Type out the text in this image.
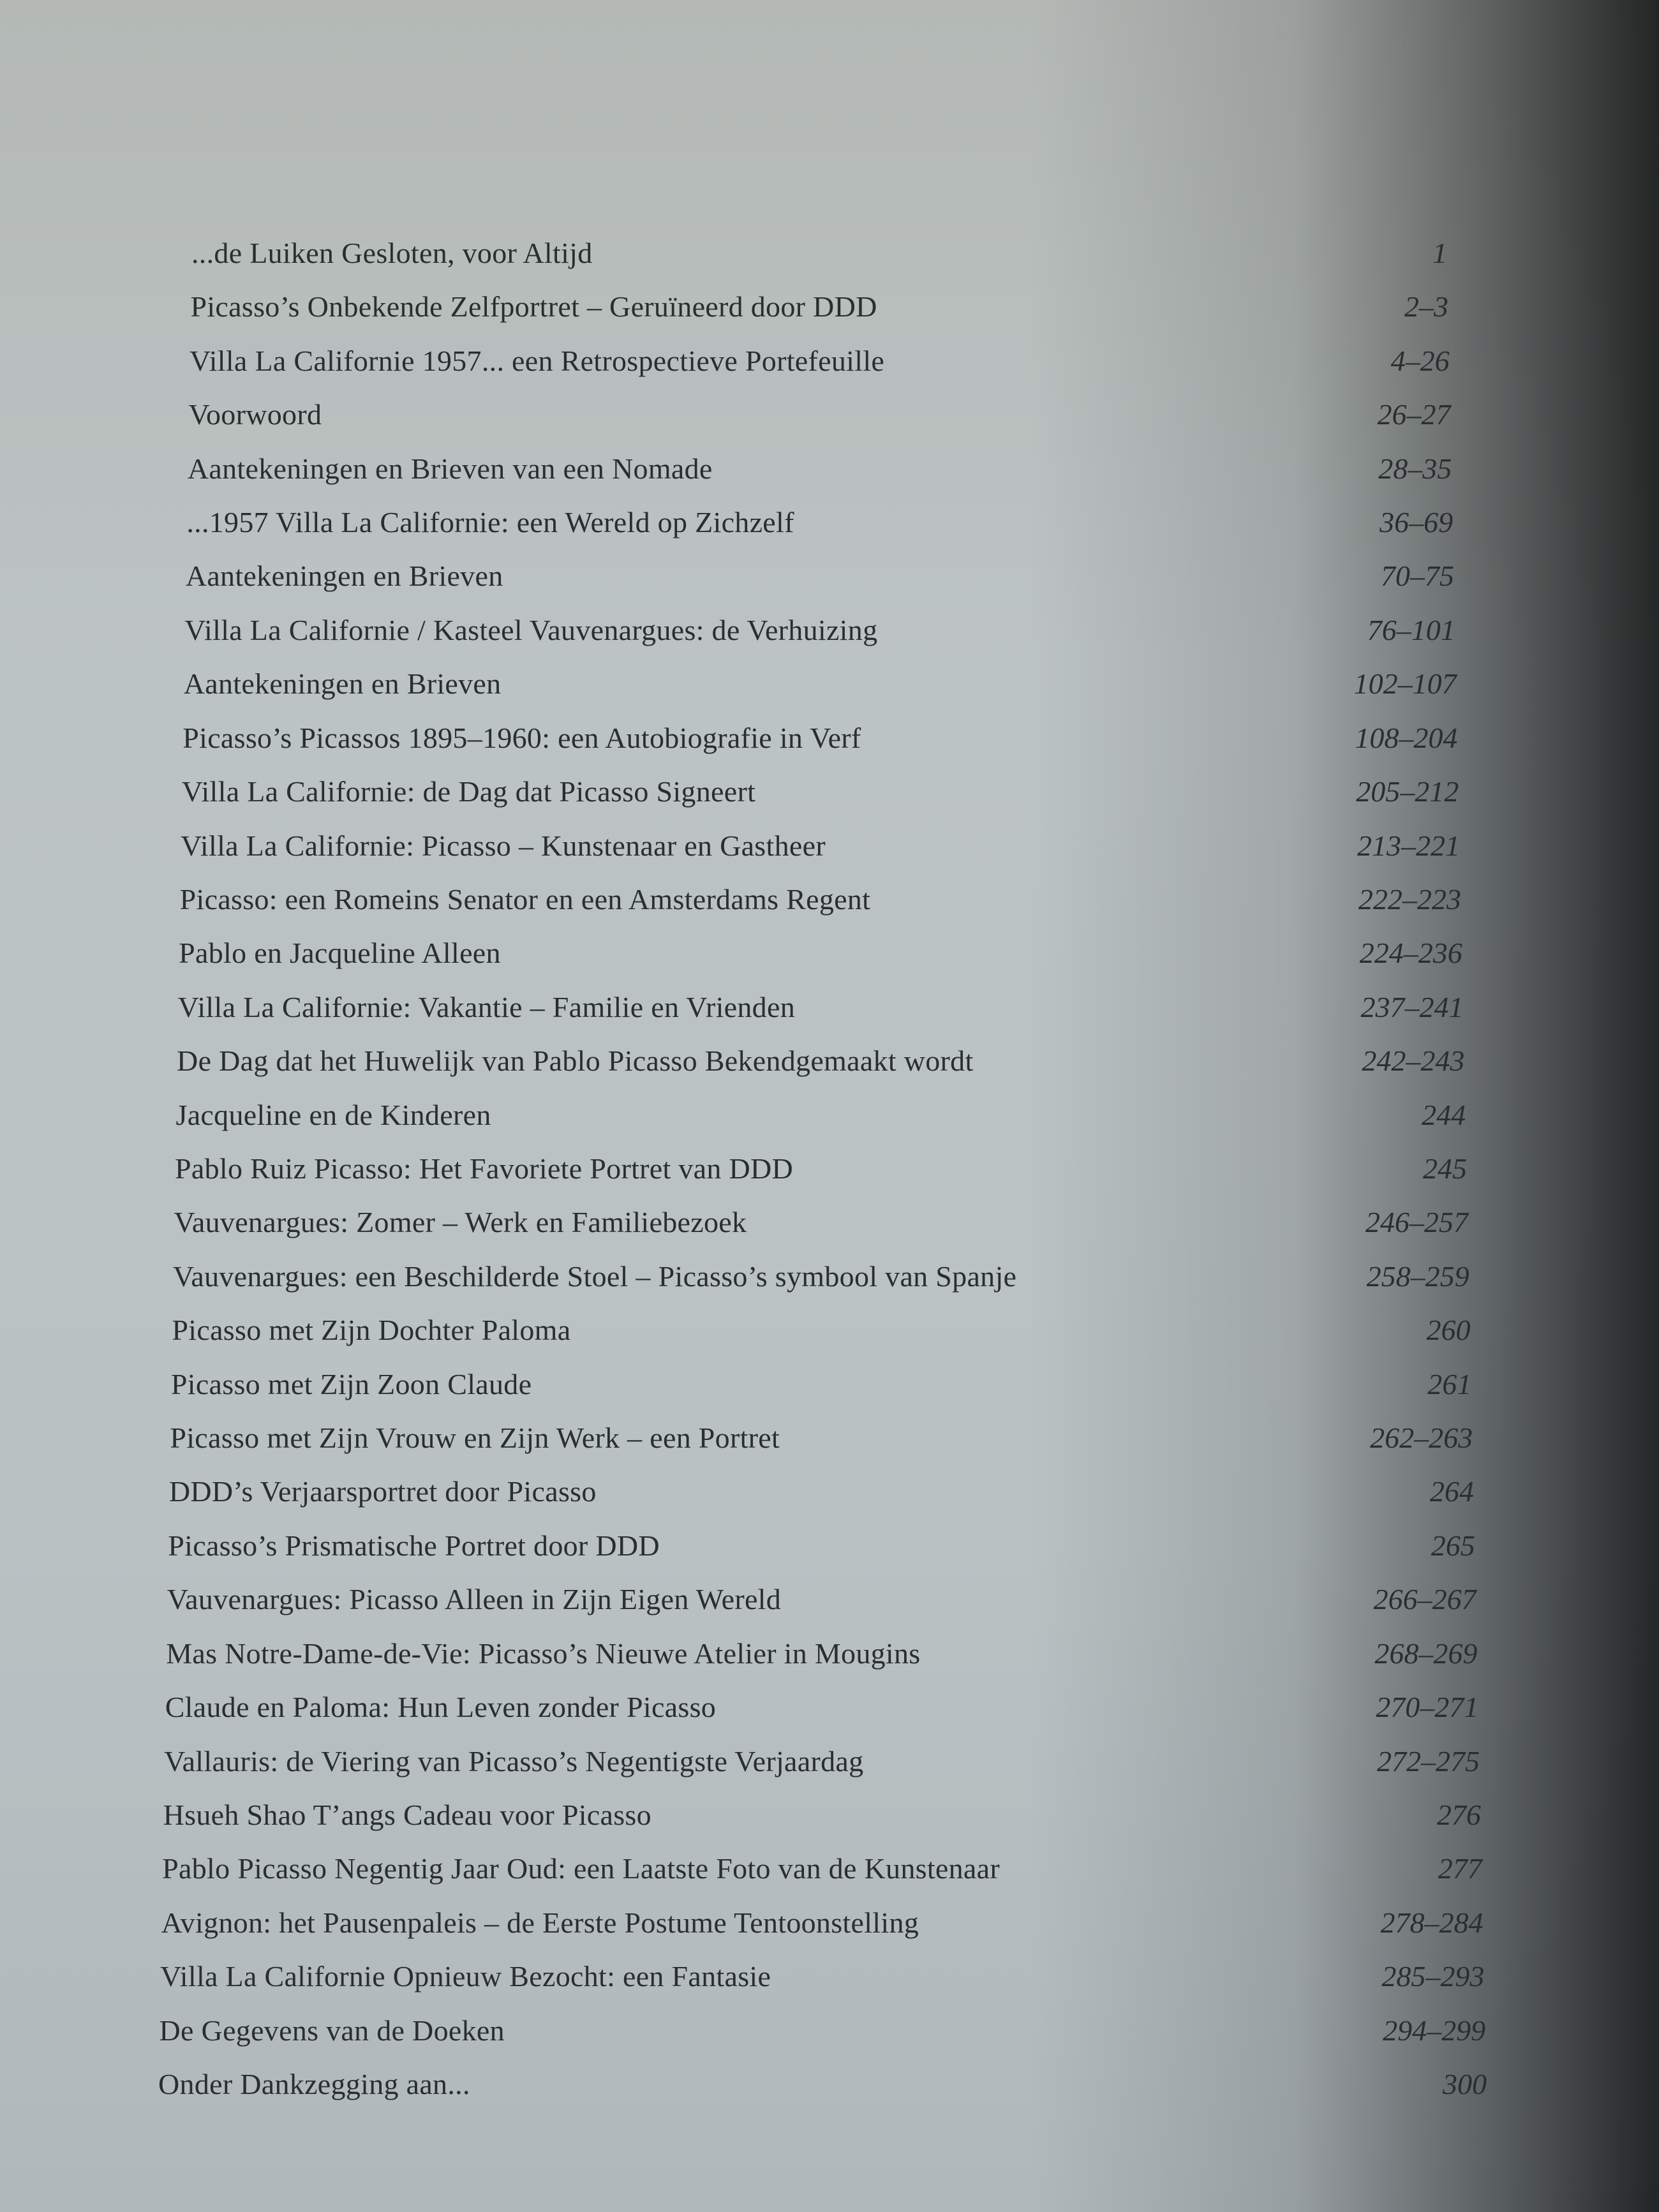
...de Luiken Gesloten, voor Altijd	1
Picasso’s Onbekende Zelfportret – Geruïneerd door DDD	2–3
Villa La Californie 1957... een Retrospectieve Portefeuille	4–26
Voorwoord	26–27
Aantekeningen en Brieven van een Nomade	28–35
...1957 Villa La Californie: een Wereld op Zichzelf	36–69
Aantekeningen en Brieven	70–75
Villa La Californie / Kasteel Vauvenargues: de Verhuizing	76–101
Aantekeningen en Brieven	102–107
Picasso’s Picassos 1895–1960: een Autobiografie in Verf	108–204
Villa La Californie: de Dag dat Picasso Signeert	205–212
Villa La Californie: Picasso – Kunstenaar en Gastheer	213–221
Picasso: een Romeins Senator en een Amsterdams Regent	222–223
Pablo en Jacqueline Alleen	224–236
Villa La Californie: Vakantie – Familie en Vrienden	237–241
De Dag dat het Huwelijk van Pablo Picasso Bekendgemaakt wordt	242–243
Jacqueline en de Kinderen	244
Pablo Ruiz Picasso: Het Favoriete Portret van DDD	245
Vauvenargues: Zomer – Werk en Familiebezoek	246–257
Vauvenargues: een Beschilderde Stoel – Picasso’s symbool van Spanje	258–259
Picasso met Zijn Dochter Paloma	260
Picasso met Zijn Zoon Claude	261
Picasso met Zijn Vrouw en Zijn Werk – een Portret	262–263
DDD’s Verjaarsportret door Picasso	264
Picasso’s Prismatische Portret door DDD	265
Vauvenargues: Picasso Alleen in Zijn Eigen Wereld	266–267
Mas Notre-Dame-de-Vie: Picasso’s Nieuwe Atelier in Mougins	268–269
Claude en Paloma: Hun Leven zonder Picasso	270–271
Vallauris: de Viering van Picasso’s Negentigste Verjaardag	272–275
Hsueh Shao T’angs Cadeau voor Picasso	276
Pablo Picasso Negentig Jaar Oud: een Laatste Foto van de Kunstenaar	277
Avignon: het Pausenpaleis – de Eerste Postume Tentoonstelling	278–284
Villa La Californie Opnieuw Bezocht: een Fantasie	285–293
De Gegevens van de Doeken	294–299
Onder Dankzegging aan...	300
